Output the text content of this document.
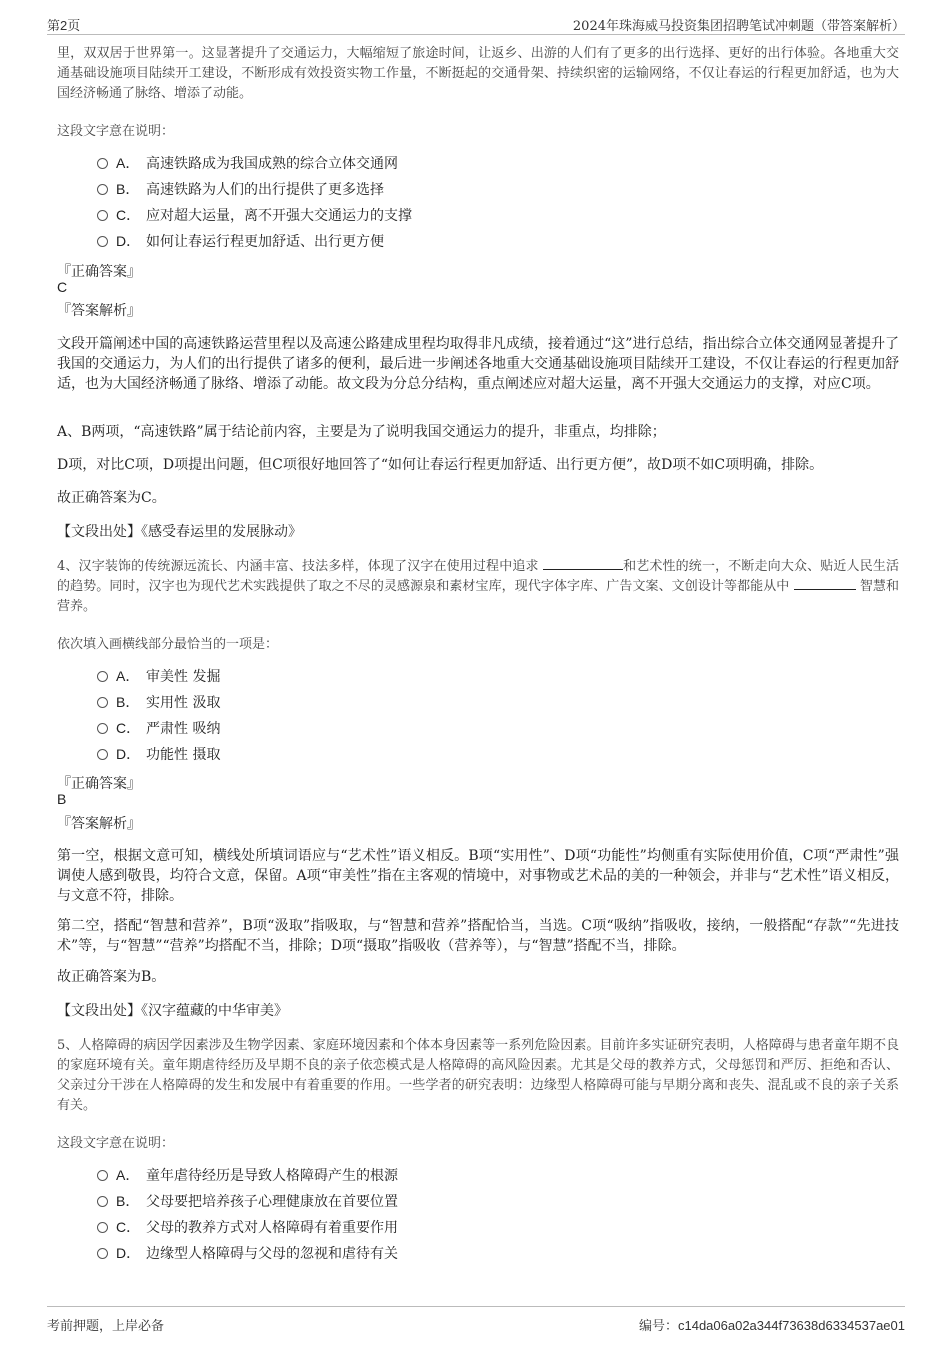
第2页	2024年珠海威马投资集团招聘笔试冲刺题（带答案解析）

里，双双居于世界第一。这显著提升了交通运力，大幅缩短了旅途时间，让返乡、出游的人们有了更多的出行选择、更好的出行体验。各地重大交通基础设施项目陆续开工建设，不断形成有效投资实物工作量，不断挺起的交通骨架、持续织密的运输网络，不仅让春运的行程更加舒适，也为大国经济畅通了脉络、增添了动能。

这段文字意在说明：
A． 高速铁路成为我国成熟的综合立体交通网
B． 高速铁路为人们的出行提供了更多选择
C． 应对超大运量，离不开强大交通运力的支撑
D． 如何让春运行程更加舒适、出行更方便
『正确答案』
C
『答案解析』

文段开篇阐述中国的高速铁路运营里程以及高速公路建成里程均取得非凡成绩，接着通过“这”进行总结，指出综合立体交通网显著提升了我国的交通运力，为人们的出行提供了诸多的便利，最后进一步阐述各地重大交通基础设施项目陆续开工建设，不仅让春运的行程更加舒适，也为大国经济畅通了脉络、增添了动能。故文段为分总分结构，重点阐述应对超大运量，离不开强大交通运力的支撑，对应C项。

A、B两项，“高速铁路”属于结论前内容，主要是为了说明我国交通运力的提升，非重点，均排除；

D项，对比C项，D项提出问题，但C项很好地回答了“如何让春运行程更加舒适、出行更方便”，故D项不如C项明确，排除。

故正确答案为C。

【文段出处】《感受春运里的发展脉动》

4、汉字装饰的传统源远流长、内涵丰富、技法多样，体现了汉字在使用过程中追求	和艺术性的统一，不断走向大众、贴近人民生活的趋势。同时，汉字也为现代艺术实践提供了取之不尽的灵感源泉和素材宝库，现代字体字库、广告文案、文创设计等都能从中	智慧和营养。

依次填入画横线部分最恰当的一项是：
A． 审美性 发掘
B． 实用性 汲取
C． 严肃性 吸纳
D． 功能性 摄取
『正确答案』
B
『答案解析』

第一空，根据文意可知，横线处所填词语应与“艺术性”语义相反。B项“实用性”、D项“功能性”均侧重有实际使用价值，C项“严肃性”强调使人感到敬畏，均符合文意，保留。A项“审美性”指在主客观的情境中，对事物或艺术品的美的一种领会，并非与“艺术性”语义相反，与文意不符，排除。

第二空，搭配“智慧和营养”，B项“汲取”指吸取，与“智慧和营养”搭配恰当，当选。C项“吸纳”指吸收，接纳，一般搭配“存款”“先进技术”等，与“智慧”“营养”均搭配不当，排除；D项“摄取”指吸收（营养等），与“智慧”搭配不当，排除。

故正确答案为B。

【文段出处】《汉字蕴藏的中华审美》

5、人格障碍的病因学因素涉及生物学因素、家庭环境因素和个体本身因素等一系列危险因素。目前许多实证研究表明，人格障碍与患者童年期不良的家庭环境有关。童年期虐待经历及早期不良的亲子依恋模式是人格障碍的高风险因素。尤其是父母的教养方式，父母惩罚和严厉、拒绝和否认、父亲过分干涉在人格障碍的发生和发展中有着重要的作用。一些学者的研究表明：边缘型人格障碍可能与早期分离和丧失、混乱或不良的亲子关系有关。

这段文字意在说明：
A． 童年虐待经历是导致人格障碍产生的根源
B． 父母要把培养孩子心理健康放在首要位置
C． 父母的教养方式对人格障碍有着重要作用
D． 边缘型人格障碍与父母的忽视和虐待有关
考前押题，上岸必备	编号：c14da06a02a344f73638d6334537ae01
